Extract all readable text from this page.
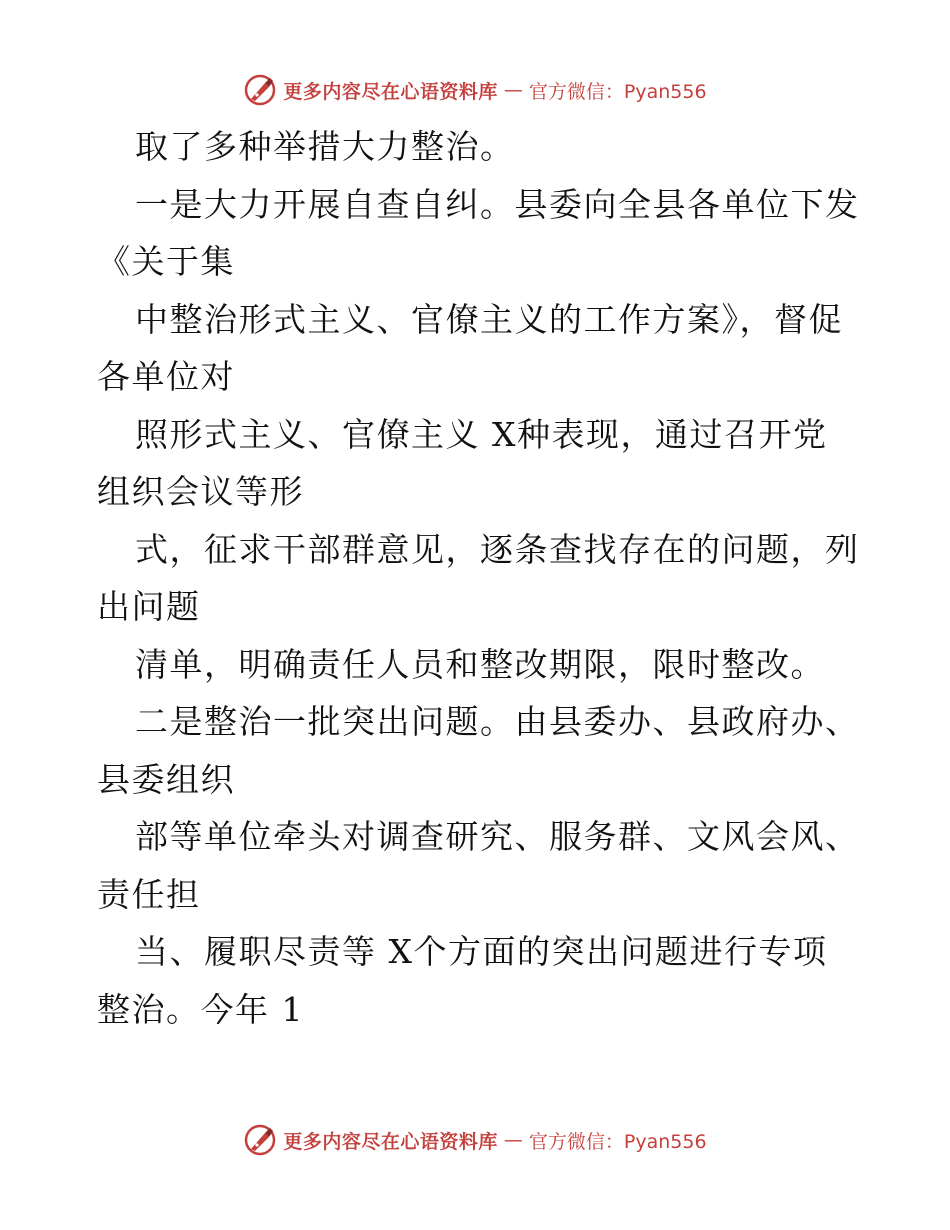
更多内容尽在心语资料库 — 官方微信：Pyan556
取了多种举措大力整治。
一是大力开展自查自纠。县委向全县各单位下发
《关于集
中整治形式主义、官僚主义的工作方案》，督促
各单位对
照形式主义、官僚主义 X种表现，通过召开党
组织会议等形
式，征求干部群意见，逐条查找存在的问题，列
出问题
清单，明确责任人员和整改期限，限时整改。
二是整治一批突出问题。由县委办、县政府办、
县委组织
部等单位牵头对调查研究、服务群、文风会风、
责任担
当、履职尽责等 X个方面的突出问题进行专项
整治。今年 1
更多内容尽在心语资料库 — 官方微信：Pyan556
